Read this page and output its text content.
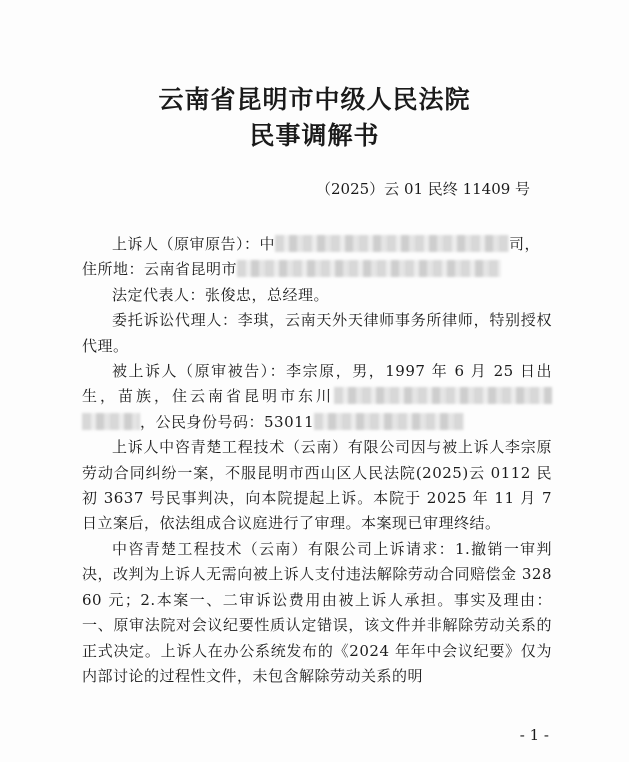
云南省昆明市中级人民法院
民事调解书
（2025）云 01 民终 11409 号

上诉人（原审原告）：中	司，

住所地：云南省昆明市

法定代表人：张俊忠，总经理。

委托诉讼代理人：李琪，云南天外天律师事务所律师，特别授权代理。

被上诉人（原审被告）：李宗原，男，1997 年 6 月 25 日出生，苗族，住云南省昆明市东川，公民身份号码：53011

上诉人中咨青楚工程技术（云南）有限公司因与被上诉人李宗原劳动合同纠纷一案，不服昆明市西山区人民法院(2025)云 0112 民初 3637 号民事判决，向本院提起上诉。本院于 2025 年 11 月 7 日立案后，依法组成合议庭进行了审理。本案现已审理终结。

中咨青楚工程技术（云南）有限公司上诉请求：1.撤销一审判决，改判为上诉人无需向被上诉人支付违法解除劳动合同赔偿金 32860 元；2.本案一、二审诉讼费用由被上诉人承担。事实及理由：一、原审法院对会议纪要性质认定错误，该文件并非解除劳动关系的正式决定。上诉人在办公系统发布的《2024 年年中会议纪要》仅为内部讨论的过程性文件，未包含解除劳动关系的明

- 1 -
